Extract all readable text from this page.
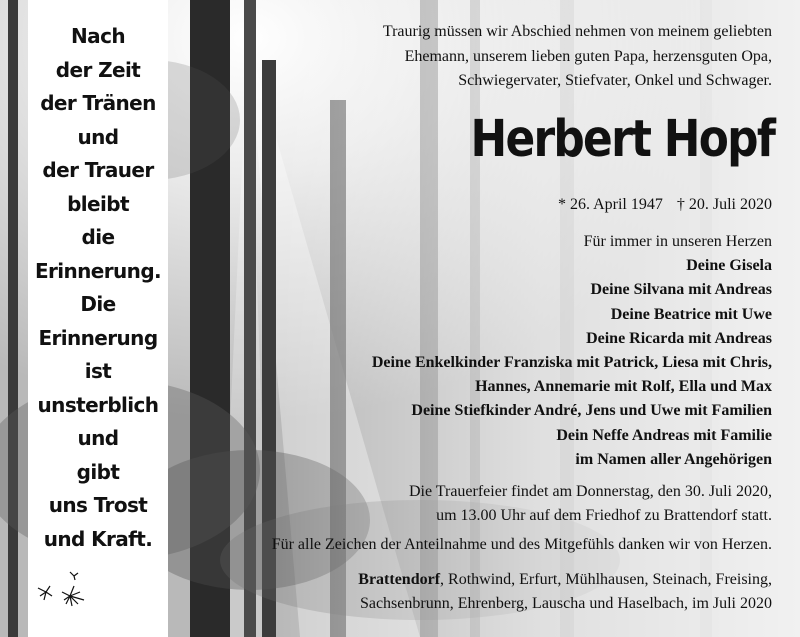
Nach
der Zeit
der Tränen
und
der Trauer
bleibt
die
Erinnerung.
Die
Erinnerung
ist
unsterblich
und
gibt
uns Trost
und Kraft.
Traurig müssen wir Abschied nehmen von meinem geliebten
Ehemann, unserem lieben guten Papa, herzensguten Opa,
Schwiegervater, Stiefvater, Onkel und Schwager.
Herbert Hopf
* 26. April 1947 † 20. Juli 2020
Für immer in unseren Herzen
Deine Gisela
Deine Silvana mit Andreas
Deine Beatrice mit Uwe
Deine Ricarda mit Andreas
Deine Enkelkinder Franziska mit Patrick, Liesa mit Chris,
Hannes, Annemarie mit Rolf, Ella und Max
Deine Stiefkinder André, Jens und Uwe mit Familien
Dein Neffe Andreas mit Familie
im Namen aller Angehörigen
Die Trauerfeier findet am Donnerstag, den 30. Juli 2020,
um 13.00 Uhr auf dem Friedhof zu Brattendorf statt.
Für alle Zeichen der Anteilnahme und des Mitgefühls danken wir von Herzen.
Brattendorf, Rothwind, Erfurt, Mühlhausen, Steinach, Freising,
Sachsenbrunn, Ehrenberg, Lauscha und Haselbach, im Juli 2020
